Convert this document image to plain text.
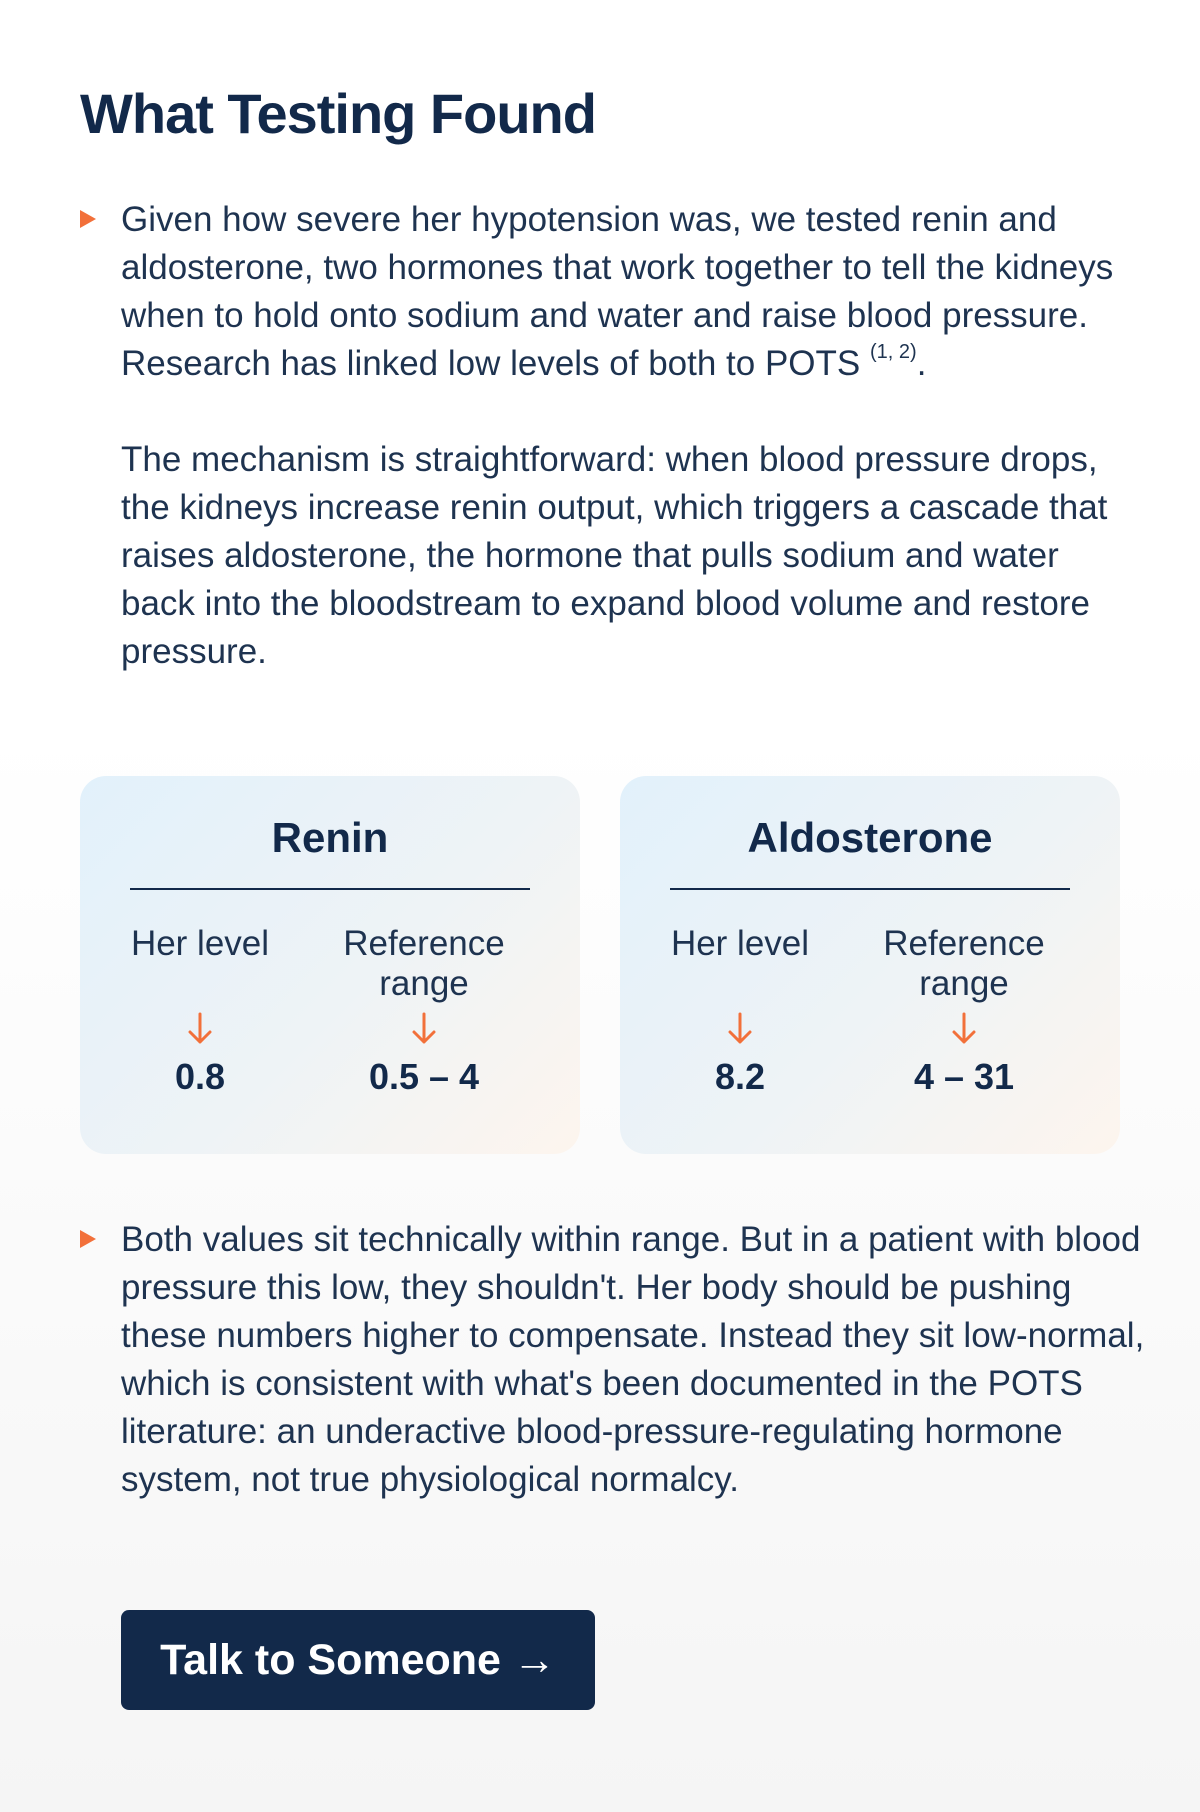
What Testing Found

Given how severe her hypotension was, we tested renin and aldosterone, two hormones that work together to tell the kidneys when to hold onto sodium and water and raise blood pressure. Research has linked low levels of both to POTS $^{(1, 2)}$.

The mechanism is straightforward: when blood pressure drops, the kidneys increase renin output, which triggers a cascade that raises aldosterone, the hormone that pulls sodium and water back into the bloodstream to expand blood volume and restore pressure.

Renin
Her level
0.8
Reference range
0.5 – 4
Aldosterone
Her level
8.2
Reference range
4 – 31

Both values sit technically within range. But in a patient with blood pressure this low, they shouldn't. Her body should be pushing these numbers higher to compensate. Instead they sit low-normal, which is consistent with what's been documented in the POTS literature: an underactive blood-pressure-regulating hormone system, not true physiological normalcy.

Talk to Someone →
